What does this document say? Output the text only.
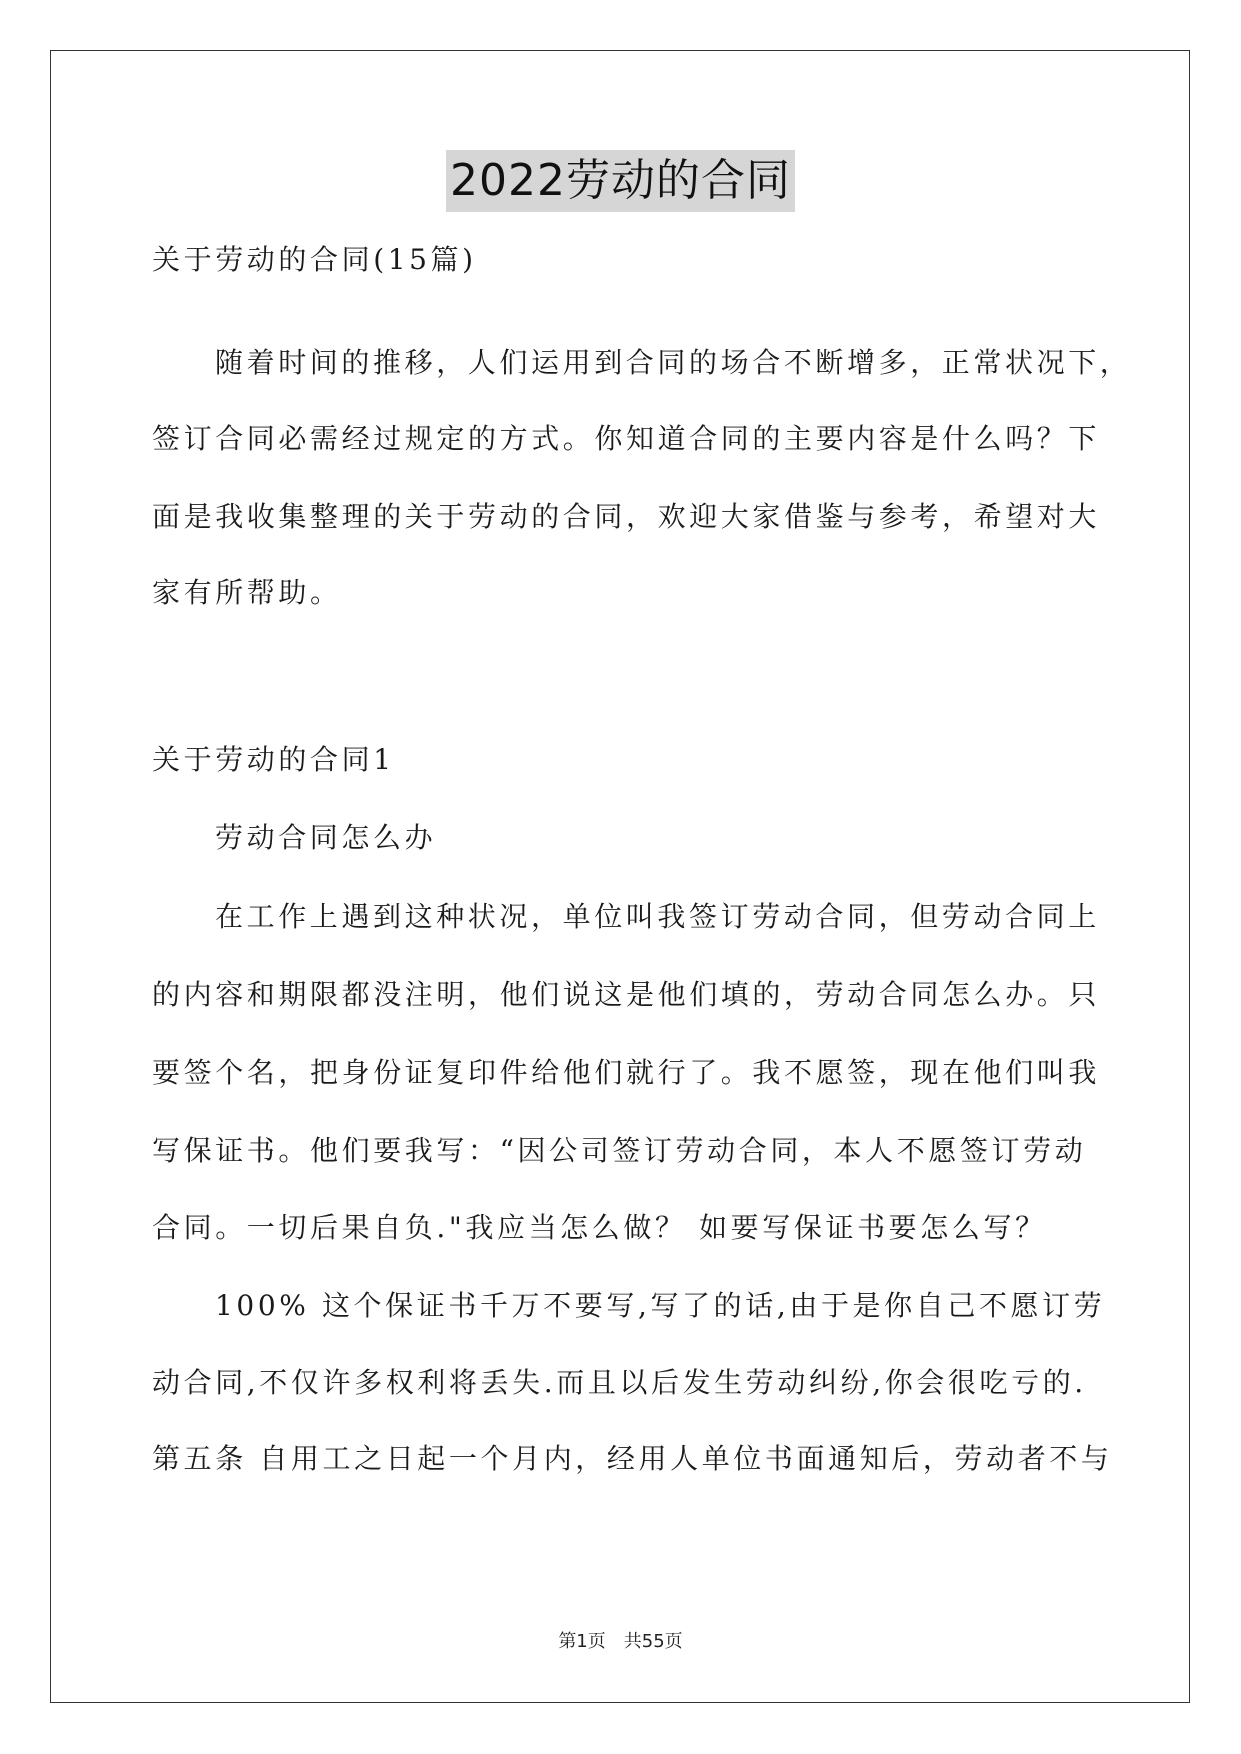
2022劳动的合同
关于劳动的合同(15篇)
随着时间的推移，人们运用到合同的场合不断增多，正常状况下，
签订合同必需经过规定的方式。你知道合同的主要内容是什么吗？下
面是我收集整理的关于劳动的合同，欢迎大家借鉴与参考，希望对大
家有所帮助。
关于劳动的合同1
劳动合同怎么办
在工作上遇到这种状况，单位叫我签订劳动合同，但劳动合同上
的内容和期限都没注明，他们说这是他们填的，劳动合同怎么办。只
要签个名，把身份证复印件给他们就行了。我不愿签，现在他们叫我
写保证书。他们要我写：“因公司签订劳动合同，本人不愿签订劳动
合同。一切后果自负."我应当怎么做？ 如要写保证书要怎么写？
100% 这个保证书千万不要写,写了的话,由于是你自己不愿订劳
动合同,不仅许多权利将丢失.而且以后发生劳动纠纷,你会很吃亏的.
第五条 自用工之日起一个月内，经用人单位书面通知后，劳动者不与
第1页　共55页
